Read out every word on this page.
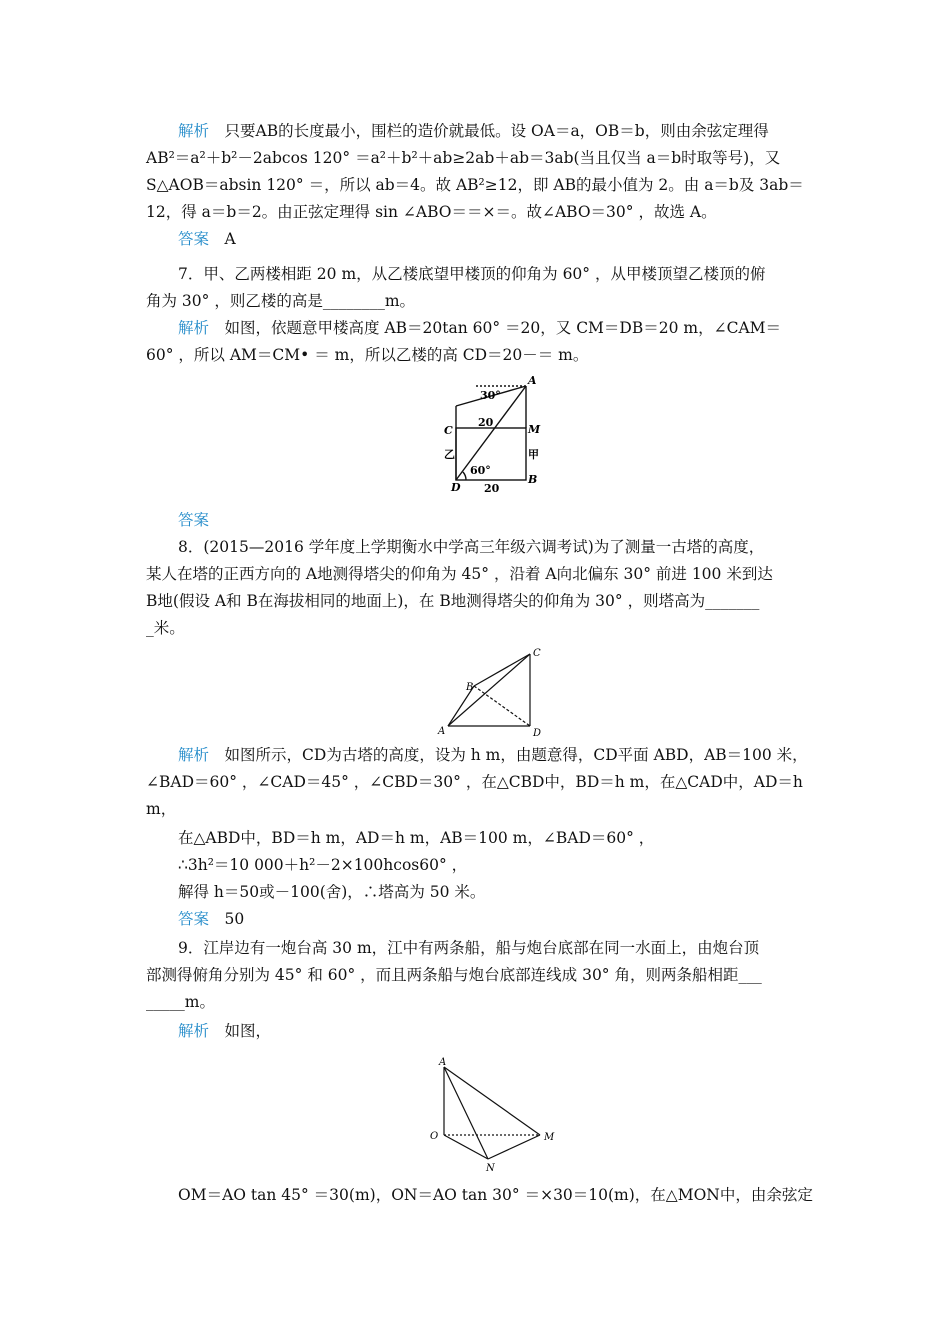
解析　 只要AB的长度最小，围栏的造价就最低。设 OA＝a，OB＝b，则由余弦定理得
AB²＝a²＋b²－2abcos 120° ＝a²＋b²＋ab≥2ab＋ab＝3ab(当且仅当 a＝b时取等号)，又
S△AOB＝absin 120° ＝，所以 ab＝4。故 AB²≥12，即 AB的最小值为 2。由 a＝b及 3ab＝
12，得 a＝b＝2。由正弦定理得 sin ∠ABO＝＝×＝。故∠ABO＝30° ，故选 A。
答案　 A
7．甲、乙两楼相距 20 m，从乙楼底望甲楼顶的仰角为 60° ，从甲楼顶望乙楼顶的俯
角为 30° ，则乙楼的高是________m。
解析　 如图，依题意甲楼高度 AB＝20tan 60° ＝20，又 CM＝DB＝20 m，∠CAM＝
60° ，所以 AM＝CM• ＝ m，所以乙楼的高 CD＝20－＝ m。
A
M
B
C
D
30°
20
60°
20
乙	甲
答案
8．(2015—2016 学年度上学期衡水中学高三年级六调考试)为了测量一古塔的高度，
某人在塔的正西方向的 A地测得塔尖的仰角为 45° ，沿着 A向北偏东 30° 前进 100 米到达
B地(假设 A和 B在海拔相同的地面上)，在 B地测得塔尖的仰角为 30° ，则塔高为_______
_米。
A
B
C
D
解析　 如图所示，CD为古塔的高度，设为 h m，由题意得，CD平面 ABD，AB＝100 米，
∠BAD＝60° ，∠CAD＝45° ，∠CBD＝30° ，在△CBD中，BD＝h m，在△CAD中，AD＝h
m，
在△ABD中，BD＝h m，AD＝h m，AB＝100 m，∠BAD＝60° ，
∴3h²＝10 000＋h²－2×100hcos60° ，
解得 h＝50或－100(舍)，∴塔高为 50 米。
答案　 50
9．江岸边有一炮台高 30 m，江中有两条船，船与炮台底部在同一水面上，由炮台顶
部测得俯角分别为 45° 和 60° ，而且两条船与炮台底部连线成 30° 角，则两条船相距___
_____m。
解析　 如图，
A
O	M
N
OM＝AO tan 45° ＝30(m)，ON＝AO tan 30° ＝×30＝10(m)，在△MON中，由余弦定
